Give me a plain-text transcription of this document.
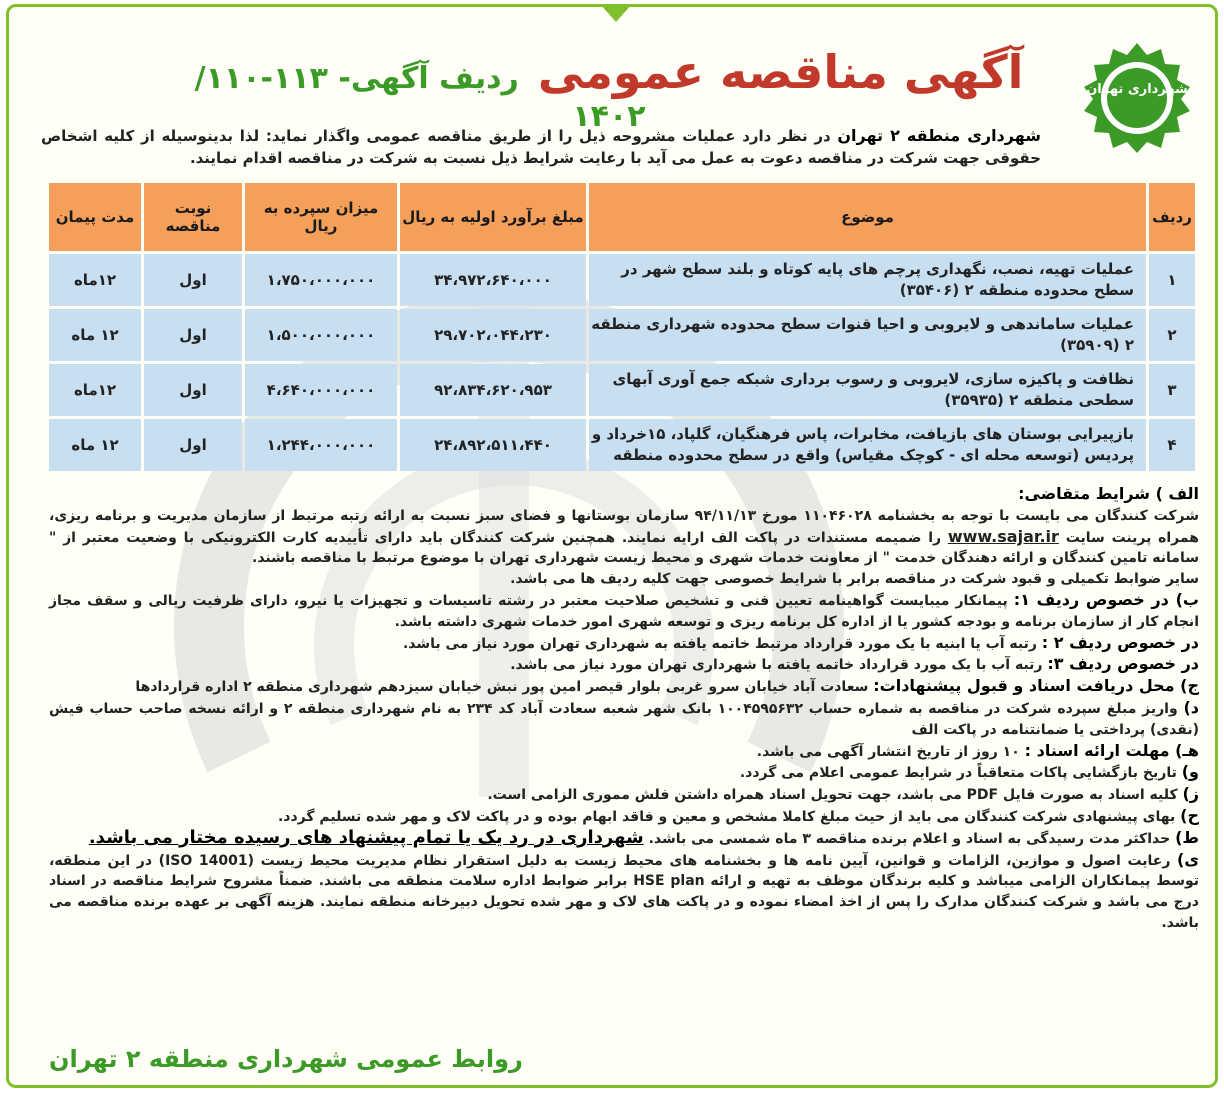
شهرداری تهران
آگهی مناقصه عمومی ردیف آگهی- ۱۱۳-۱۱۰/ ۱۴۰۲
شهرداری منطقه ۲ تهران در نظر دارد عملیات مشروحه ذیل را از طریق مناقصه عمومی واگذار نماید: لذا بدینوسیله از کلیه اشخاص حقوقی جهت شرکت در مناقصه دعوت به عمل می آید با رعایت شرایط ذیل نسبت به شرکت در مناقصه اقدام نمایند.
ردیف	موضوع	مبلغ برآورد اولیه به ریال	میزان سپرده به ریال	نوبت مناقصه	مدت پیمان
۱	عملیات تهیه، نصب، نگهداری پرچم های پایه کوتاه و بلند سطح شهر در سطح محدوده منطقه ۲ (۳۵۴۰۶)	۳۴،۹۷۲،۶۴۰،۰۰۰	۱،۷۵۰،۰۰۰،۰۰۰	اول	۱۲ماه
۲	عملیات ساماندهی و لایروبی و احیا قنوات سطح محدوده شهرداری منطقه ۲ (۳۵۹۰۹)	۲۹،۷۰۲،۰۴۴،۲۳۰	۱،۵۰۰،۰۰۰،۰۰۰	اول	۱۲ ماه
۳	نظافت و پاکیزه سازی، لایروبی و رسوب برداری شبکه جمع آوری آبهای سطحی منطقه ۲ (۳۵۹۳۵)	۹۲،۸۳۴،۶۲۰،۹۵۳	۴،۶۴۰،۰۰۰،۰۰۰	اول	۱۲ماه
۴	بازپیرایی بوستان های بازیافت، مخابرات، پاس فرهنگیان، گلپاد، ۱۵خرداد و پردیس (توسعه محله ای - کوچک مقیاس) واقع در سطح محدوده منطقه	۲۴،۸۹۲،۵۱۱،۴۴۰	۱،۲۴۴،۰۰۰،۰۰۰	اول	۱۲ ماه

الف ) شرایط متقاضی:

شرکت کنندگان می بایست با توجه به بخشنامه ۱۱۰۴۶۰۲۸ مورخ ۹۴/۱۱/۱۳ سازمان بوستانها و فضای سبز نسبت به ارائه رتبه مرتبط از سازمان مدیریت و برنامه ریزی، همراه پرینت سایت www.sajar.ir را ضمیمه مستندات در پاکت الف ارایه نمایند. همچنین شرکت کنندگان باید دارای تأییدیه کارت الکترونیکی با وضعیت معتبر از " سامانه تامین کنندگان و ارائه دهندگان خدمت " از معاونت خدمات شهری و محیط زیست شهرداری تهران با موضوع مرتبط با مناقصه باشند.

سایر ضوابط تکمیلی و قبود شرکت در مناقصه برابر با شرایط خصوصی جهت کلیه ردیف ها می باشد.

ب) در خصوص ردیف ۱: پیمانکار میبایست گواهینامه تعیین فنی و تشخیص صلاحیت معتبر در رشته تاسیسات و تجهیزات یا نیرو، دارای ظرفیت ریالی و سقف مجاز انجام کار از سازمان برنامه و بودجه کشور یا از اداره کل برنامه ریزی و توسعه شهری امور خدمات شهری داشته باشد.

در خصوص ردیف ۲ : رتبه آب یا ابنیه با یک مورد قرارداد مرتبط خاتمه یافته به شهرداری تهران مورد نیاز می باشد.

در خصوص ردیف ۳: رتبه آب با یک مورد قرارداد خاتمه یافته با شهرداری تهران مورد نیاز می باشد.

ج) محل دریافت اسناد و قبول پیشنهادات: سعادت آباد خیابان سرو غربی بلوار قیصر امین پور نبش خیابان سیزدهم شهرداری منطقه ۲ اداره قراردادها

د) واریز مبلغ سپرده شرکت در مناقصه به شماره حساب ۱۰۰۴۵۹۵۶۳۲ بانک شهر شعبه سعادت آباد کد ۲۳۴ به نام شهرداری منطقه ۲ و ارائه نسخه صاحب حساب فیش (نقدی) پرداختی یا ضمانتنامه در پاکت الف

هـ) مهلت ارائه اسناد : ۱۰ روز از تاریخ انتشار آگهی می باشد.

و) تاریخ بازگشایی پاکات متعاقباً در شرایط عمومی اعلام می گردد.

ز) کلیه اسناد به صورت فایل PDF می باشد، جهت تحویل اسناد همراه داشتن فلش مموری الزامی است.

ح) بهای پیشنهادی شرکت کنندگان می باید از حیث مبلغ کاملا مشخص و معین و فاقد ابهام بوده و در پاکت لاک و مهر شده تسلیم گردد.

ط) حداکثر مدت رسیدگی به اسناد و اعلام برنده مناقصه ۳ ماه شمسی می باشد. شهرداری در رد یک یا تمام پیشنهاد های رسیده مختار می باشد.

ی) رعایت اصول و موازین، الزامات و قوانین، آیین نامه ها و بخشنامه های محیط زیست به دلیل استقرار نظام مدیریت محیط زیست (ISO 14001) در این منطقه، توسط پیمانکاران الزامی میباشد و کلیه برندگان موظف به تهیه و ارائه HSE plan برابر ضوابط اداره سلامت منطقه می باشند. ضمناً مشروح شرایط مناقصه در اسناد درج می باشد و شرکت کنندگان مدارک را پس از اخذ امضاء نموده و در پاکت های لاک و مهر شده تحویل دبیرخانه منطقه نمایند. هزینه آگهی بر عهده برنده مناقصه می باشد.

روابط عمومی شهرداری منطقه ۲ تهران
